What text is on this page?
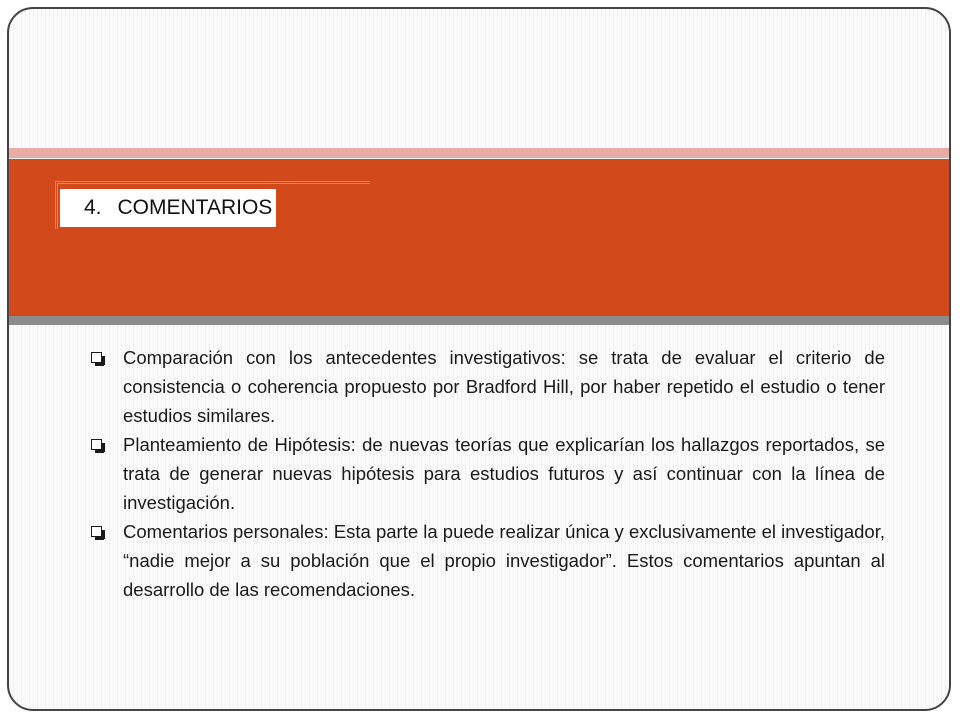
4. COMENTARIOS
Comparación con los antecedentes investigativos: se trata de evaluar el criterio de consistencia o coherencia propuesto por Bradford Hill, por haber repetido el estudio o tener estudios similares.
Planteamiento de Hipótesis: de nuevas teorías que explicarían los hallazgos reportados, se trata de generar nuevas hipótesis para estudios futuros y así continuar con la línea de investigación.
Comentarios personales: Esta parte la puede realizar única y exclusivamente el investigador, “nadie mejor a su población que el propio investigador”. Estos comentarios apuntan al desarrollo de las recomendaciones.
